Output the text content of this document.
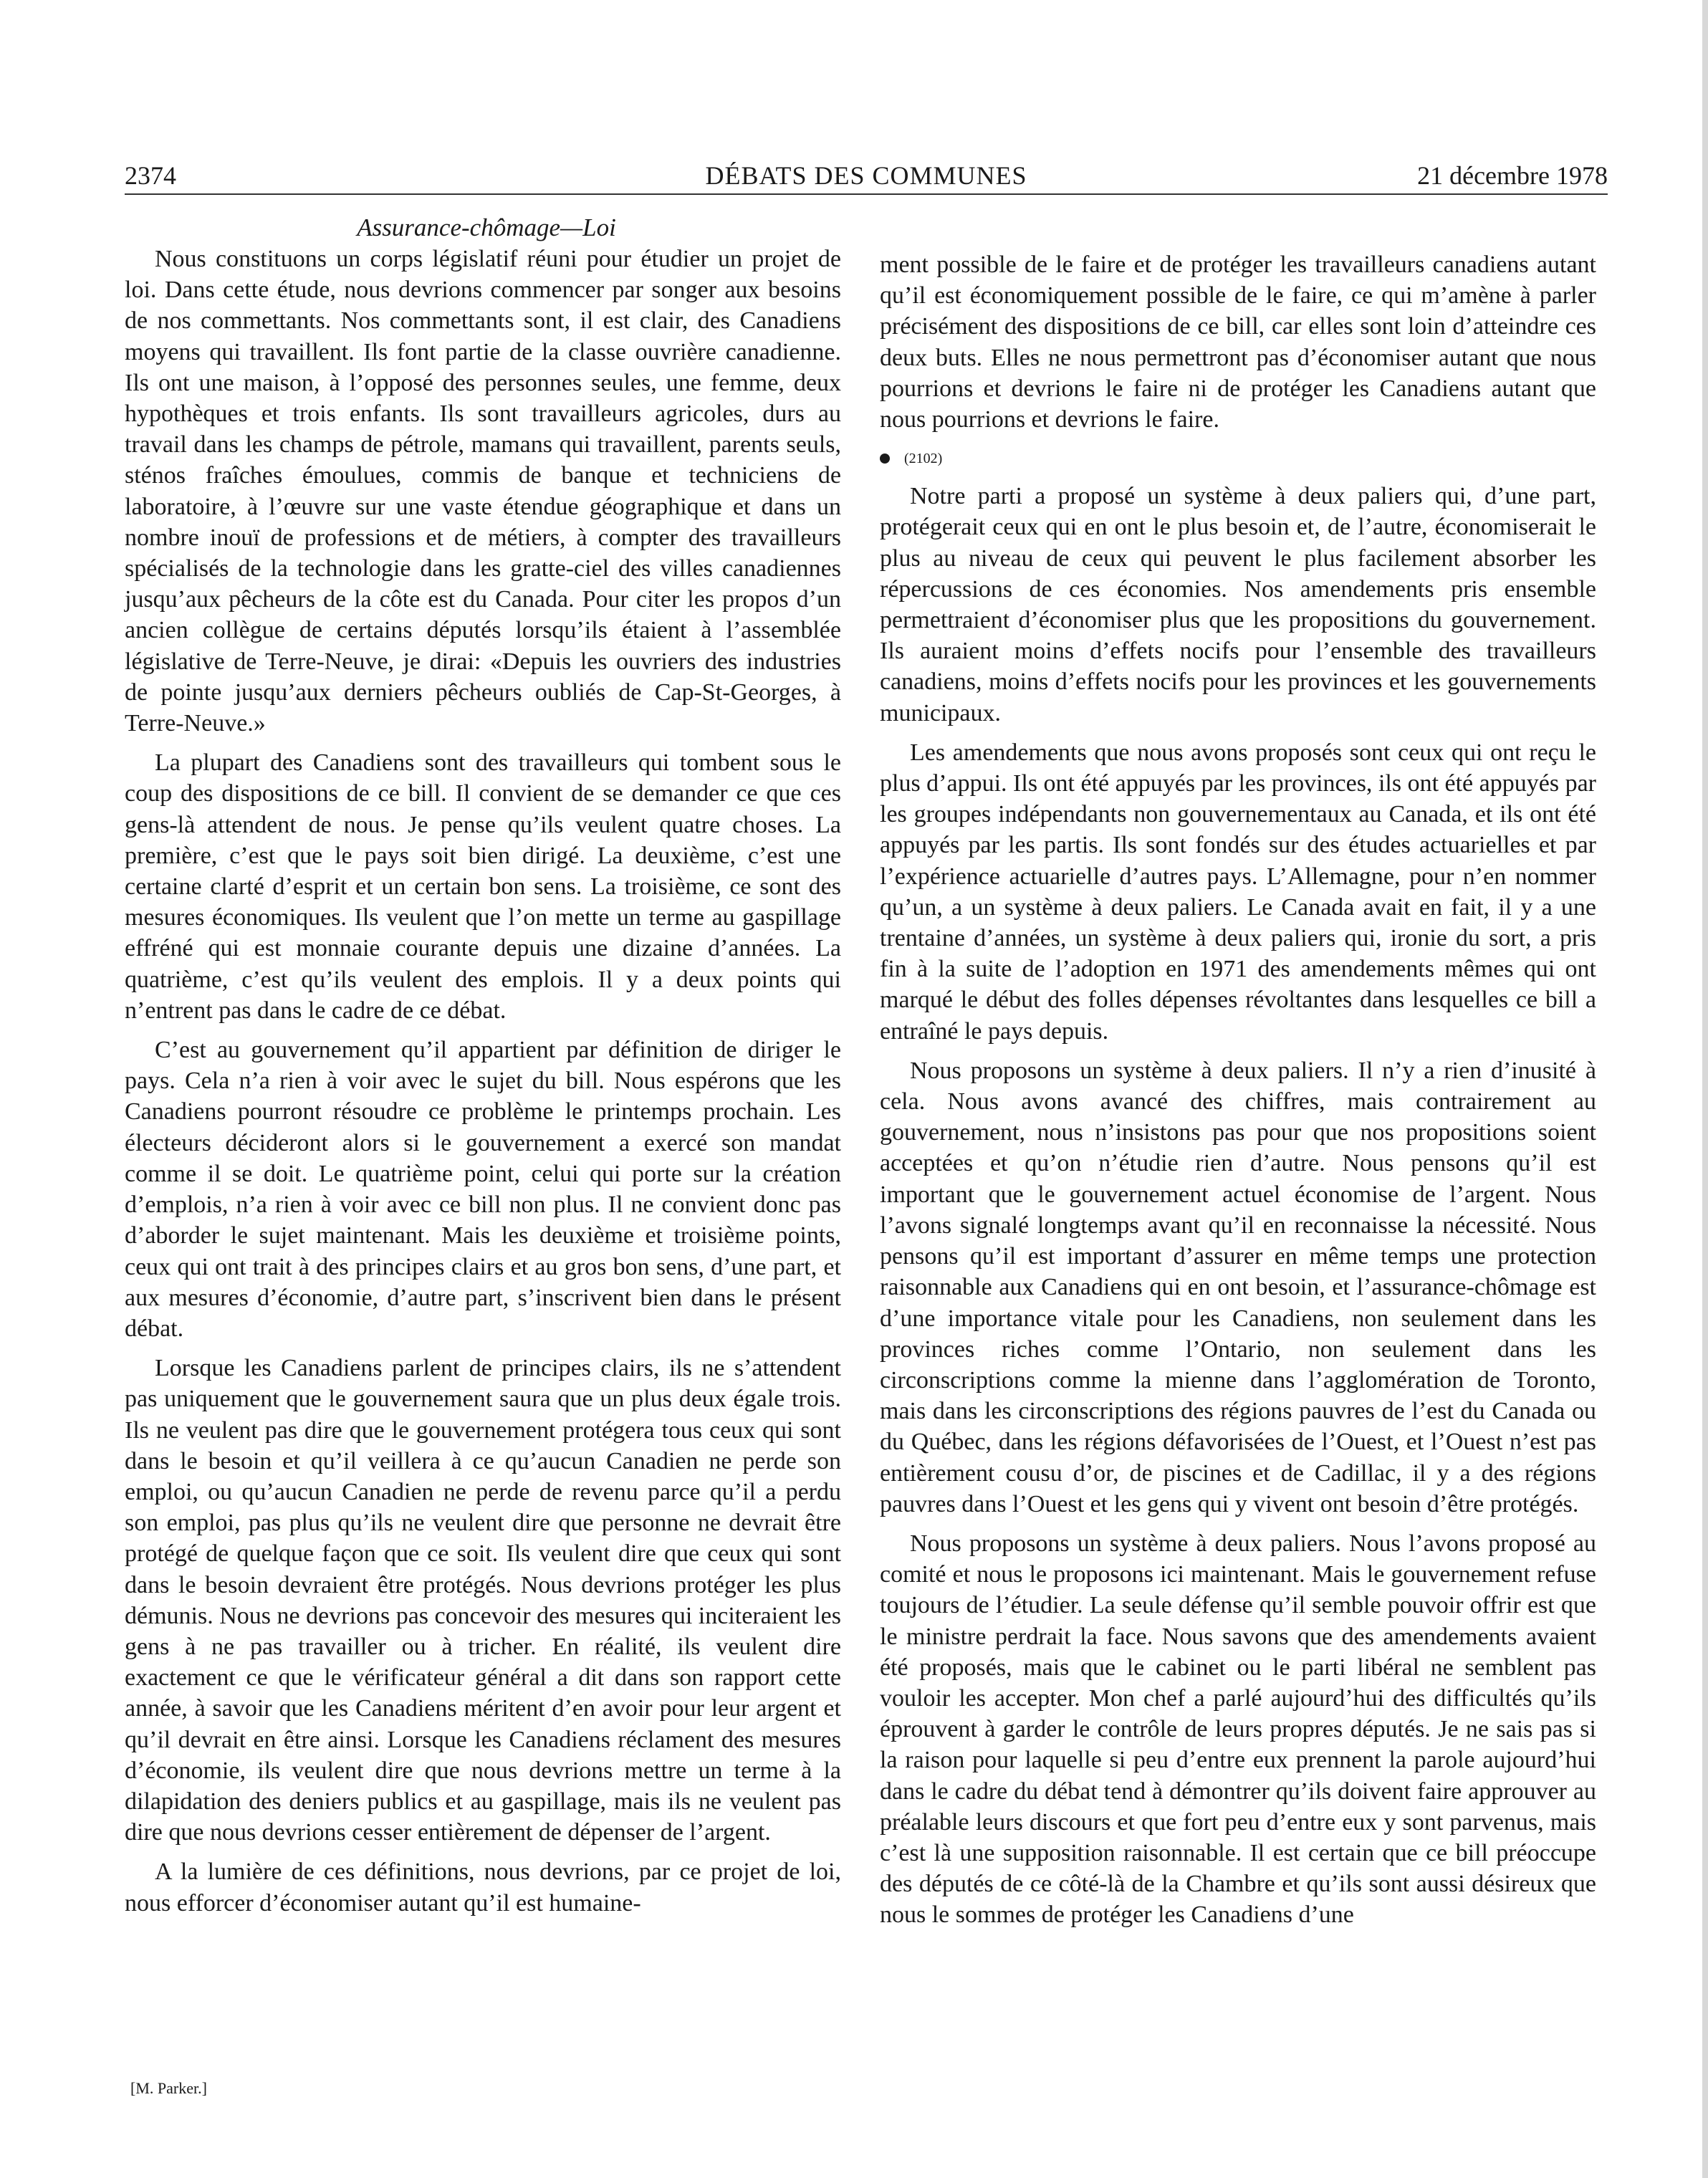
2374	DÉBATS DES COMMUNES	21 décembre 1978
Assurance-chômage—Loi

Nous constituons un corps législatif réuni pour étudier un projet de loi. Dans cette étude, nous devrions commencer par songer aux besoins de nos commettants. Nos commettants sont, il est clair, des Canadiens moyens qui travaillent. Ils font partie de la classe ouvrière canadienne. Ils ont une maison, à l’opposé des personnes seules, une femme, deux hypothèques et trois enfants. Ils sont travailleurs agricoles, durs au travail dans les champs de pétrole, mamans qui travaillent, parents seuls, sténos fraîches émoulues, commis de banque et techniciens de laboratoire, à l’œuvre sur une vaste étendue géographique et dans un nombre inouï de professions et de métiers, à compter des travailleurs spécialisés de la technologie dans les gratte-ciel des villes canadiennes jusqu’aux pêcheurs de la côte est du Canada. Pour citer les propos d’un ancien collègue de certains députés lorsqu’ils étaient à l’assemblée législative de Terre-Neuve, je dirai: «Depuis les ouvriers des industries de pointe jusqu’aux derniers pêcheurs oubliés de Cap-St-Georges, à Terre-Neuve.»

La plupart des Canadiens sont des travailleurs qui tombent sous le coup des dispositions de ce bill. Il convient de se demander ce que ces gens-là attendent de nous. Je pense qu’ils veulent quatre choses. La première, c’est que le pays soit bien dirigé. La deuxième, c’est une certaine clarté d’esprit et un certain bon sens. La troisième, ce sont des mesures économiques. Ils veulent que l’on mette un terme au gaspillage effréné qui est monnaie courante depuis une dizaine d’années. La quatrième, c’est qu’ils veulent des emplois. Il y a deux points qui n’entrent pas dans le cadre de ce débat.

C’est au gouvernement qu’il appartient par définition de diriger le pays. Cela n’a rien à voir avec le sujet du bill. Nous espérons que les Canadiens pourront résoudre ce problème le printemps prochain. Les électeurs décideront alors si le gouvernement a exercé son mandat comme il se doit. Le quatrième point, celui qui porte sur la création d’emplois, n’a rien à voir avec ce bill non plus. Il ne convient donc pas d’aborder le sujet maintenant. Mais les deuxième et troisième points, ceux qui ont trait à des principes clairs et au gros bon sens, d’une part, et aux mesures d’économie, d’autre part, s’inscrivent bien dans le présent débat.

Lorsque les Canadiens parlent de principes clairs, ils ne s’attendent pas uniquement que le gouvernement saura que un plus deux égale trois. Ils ne veulent pas dire que le gouvernement protégera tous ceux qui sont dans le besoin et qu’il veillera à ce qu’aucun Canadien ne perde son emploi, ou qu’aucun Canadien ne perde de revenu parce qu’il a perdu son emploi, pas plus qu’ils ne veulent dire que personne ne devrait être protégé de quelque façon que ce soit. Ils veulent dire que ceux qui sont dans le besoin devraient être protégés. Nous devrions protéger les plus démunis. Nous ne devrions pas concevoir des mesures qui inciteraient les gens à ne pas travailler ou à tricher. En réalité, ils veulent dire exactement ce que le vérificateur général a dit dans son rapport cette année, à savoir que les Canadiens méritent d’en avoir pour leur argent et qu’il devrait en être ainsi. Lorsque les Canadiens réclament des mesures d’économie, ils veulent dire que nous devrions mettre un terme à la dilapidation des deniers publics et au gaspillage, mais ils ne veulent pas dire que nous devrions cesser entièrement de dépenser de l’argent.

A la lumière de ces définitions, nous devrions, par ce projet de loi, nous efforcer d’économiser autant qu’il est humaine-

ment possible de le faire et de protéger les travailleurs canadiens autant qu’il est économiquement possible de le faire, ce qui m’amène à parler précisément des dispositions de ce bill, car elles sont loin d’atteindre ces deux buts. Elles ne nous permettront pas d’économiser autant que nous pourrions et devrions le faire ni de protéger les Canadiens autant que nous pourrions et devrions le faire.

(2102)

Notre parti a proposé un système à deux paliers qui, d’une part, protégerait ceux qui en ont le plus besoin et, de l’autre, économiserait le plus au niveau de ceux qui peuvent le plus facilement absorber les répercussions de ces économies. Nos amendements pris ensemble permettraient d’économiser plus que les propositions du gouvernement. Ils auraient moins d’effets nocifs pour l’ensemble des travailleurs canadiens, moins d’effets nocifs pour les provinces et les gouvernements municipaux.

Les amendements que nous avons proposés sont ceux qui ont reçu le plus d’appui. Ils ont été appuyés par les provinces, ils ont été appuyés par les groupes indépendants non gouvernementaux au Canada, et ils ont été appuyés par les partis. Ils sont fondés sur des études actuarielles et par l’expérience actuarielle d’autres pays. L’Allemagne, pour n’en nommer qu’un, a un système à deux paliers. Le Canada avait en fait, il y a une trentaine d’années, un système à deux paliers qui, ironie du sort, a pris fin à la suite de l’adoption en 1971 des amendements mêmes qui ont marqué le début des folles dépenses révoltantes dans lesquelles ce bill a entraîné le pays depuis.

Nous proposons un système à deux paliers. Il n’y a rien d’inusité à cela. Nous avons avancé des chiffres, mais contrairement au gouvernement, nous n’insistons pas pour que nos propositions soient acceptées et qu’on n’étudie rien d’autre. Nous pensons qu’il est important que le gouvernement actuel économise de l’argent. Nous l’avons signalé longtemps avant qu’il en reconnaisse la nécessité. Nous pensons qu’il est important d’assurer en même temps une protection raisonnable aux Canadiens qui en ont besoin, et l’assurance-chômage est d’une importance vitale pour les Canadiens, non seulement dans les provinces riches comme l’Ontario, non seulement dans les circonscriptions comme la mienne dans l’agglomération de Toronto, mais dans les circonscriptions des régions pauvres de l’est du Canada ou du Québec, dans les régions défavorisées de l’Ouest, et l’Ouest n’est pas entièrement cousu d’or, de piscines et de Cadillac, il y a des régions pauvres dans l’Ouest et les gens qui y vivent ont besoin d’être protégés.

Nous proposons un système à deux paliers. Nous l’avons proposé au comité et nous le proposons ici maintenant. Mais le gouvernement refuse toujours de l’étudier. La seule défense qu’il semble pouvoir offrir est que le ministre perdrait la face. Nous savons que des amendements avaient été proposés, mais que le cabinet ou le parti libéral ne semblent pas vouloir les accepter. Mon chef a parlé aujourd’hui des difficultés qu’ils éprouvent à garder le contrôle de leurs propres députés. Je ne sais pas si la raison pour laquelle si peu d’entre eux prennent la parole aujourd’hui dans le cadre du débat tend à démontrer qu’ils doivent faire approuver au préalable leurs discours et que fort peu d’entre eux y sont parvenus, mais c’est là une supposition raisonnable. Il est certain que ce bill préoccupe des députés de ce côté-là de la Chambre et qu’ils sont aussi désireux que nous le sommes de protéger les Canadiens d’une

[M. Parker.]
